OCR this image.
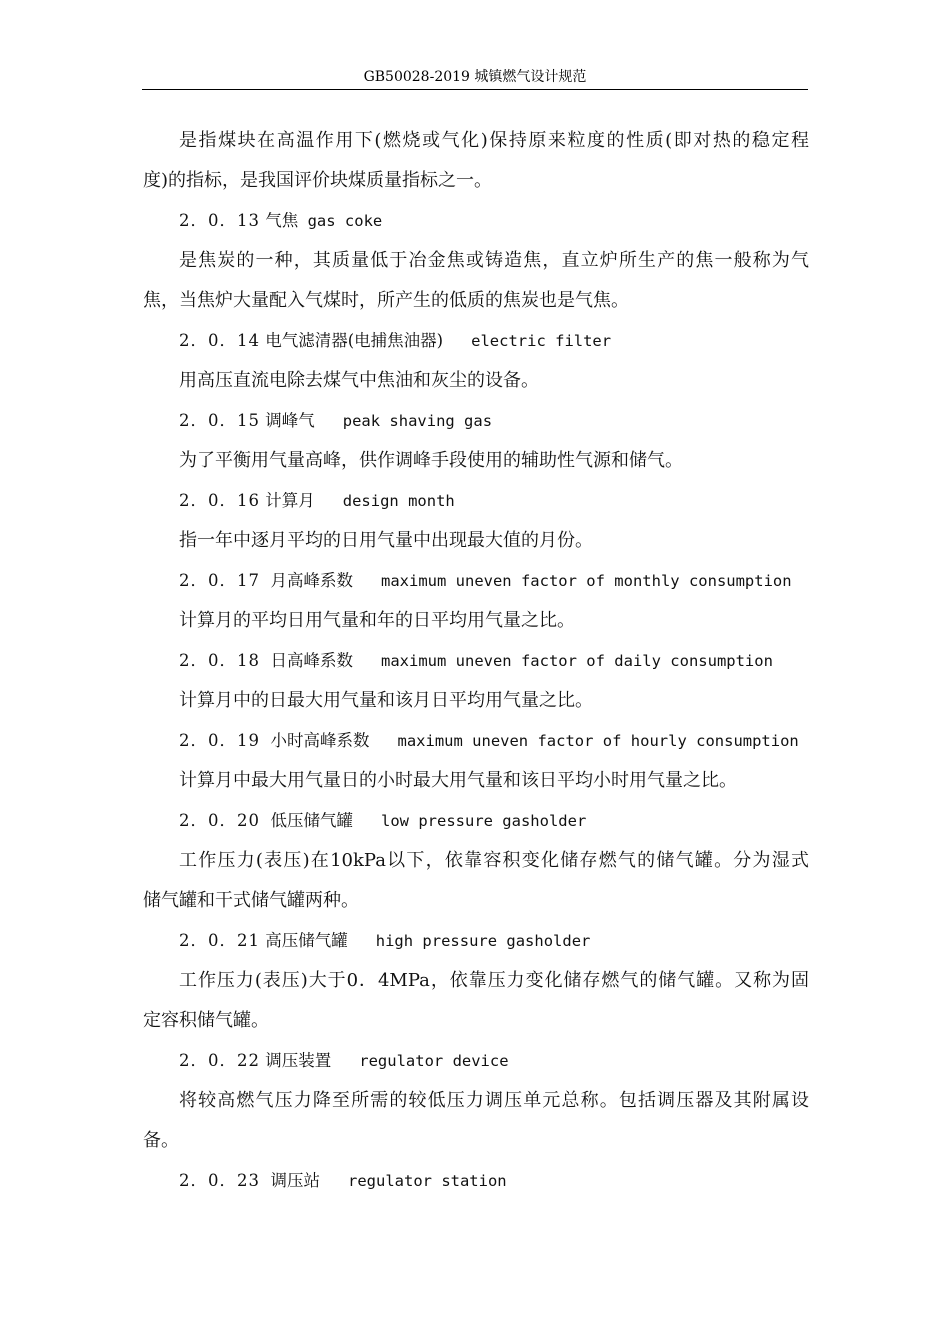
GB50028-2019 城镇燃气设计规范
是指煤块在高温作用下(燃烧或气化)保持原来粒度的性质(即对热的稳定程
度)的指标，是我国评价块煤质量指标之一。
2．0．13 气焦 gas coke
是焦炭的一种，其质量低于冶金焦或铸造焦，直立炉所生产的焦一般称为气
焦，当焦炉大量配入气煤时，所产生的低质的焦炭也是气焦。
2．0．14 电气滤清器(电捕焦油器)   electric filter
用高压直流电除去煤气中焦油和灰尘的设备。
2．0．15 调峰气   peak shaving gas
为了平衡用气量高峰，供作调峰手段使用的辅助性气源和储气。
2．0．16 计算月   design month
指一年中逐月平均的日用气量中出现最大值的月份。
2．0．17  月高峰系数   maximum uneven factor of monthly consumption
计算月的平均日用气量和年的日平均用气量之比。
2．0．18  日高峰系数   maximum uneven factor of daily consumption
计算月中的日最大用气量和该月日平均用气量之比。
2．0．19  小时高峰系数   maximum uneven factor of hourly consumption
计算月中最大用气量日的小时最大用气量和该日平均小时用气量之比。
2．0．20  低压储气罐   low pressure gasholder
工作压力(表压)在10kPa以下，依靠容积变化储存燃气的储气罐。分为湿式
储气罐和干式储气罐两种。
2．0．21 高压储气罐   high pressure gasholder
工作压力(表压)大于0．4MPa，依靠压力变化储存燃气的储气罐。又称为固
定容积储气罐。
2．0．22 调压装置   regulator device
将较高燃气压力降至所需的较低压力调压单元总称。包括调压器及其附属设
备。
2．0．23  调压站   regulator station
